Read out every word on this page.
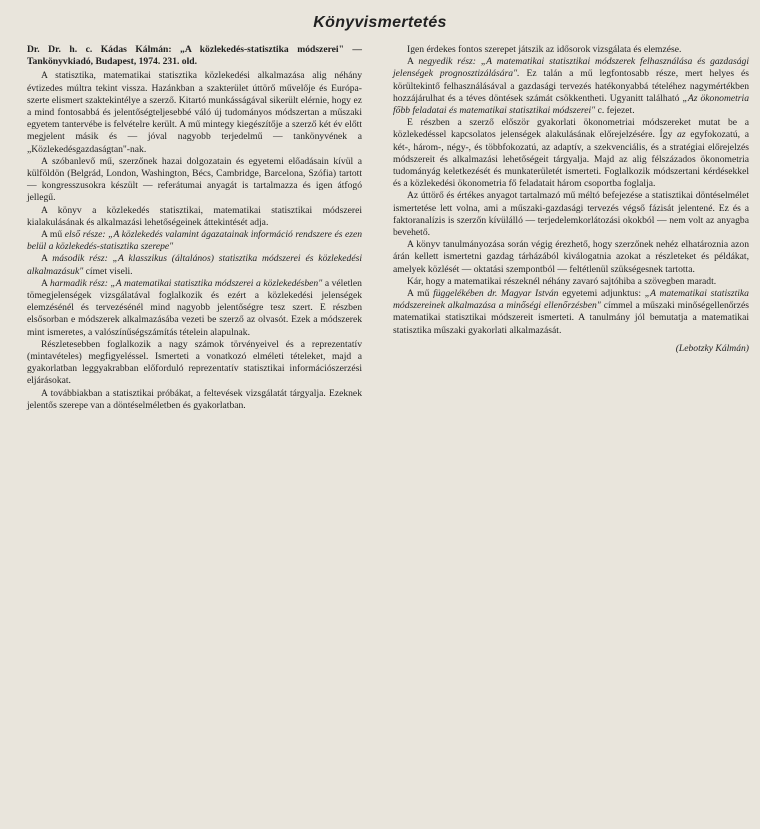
Könyvismertetés

Dr. Dr. h. c. Kádas Kálmán: „A közlekedés-statisztika módszerei" — Tankönyvkiadó, Budapest, 1974. 231. old.

A statisztika, matematikai statisztika közlekedési alkalmazása alig néhány évtizedes múltra tekint vissza. Hazánkban a szakterület úttörő művelője és Európa-szerte elismert szaktekintélye a szerző. Kitartó munkásságával sikerült elérnie, hogy ez a mind fontosabbá és jelentőségteljesebbé váló új tudományos módszertan a műszaki egyetem tantervébe is felvételre került. A mű mintegy kiegészítője a szerző két év előtt megjelent másik és — jóval nagyobb terjedelmű — tankönyvének a „Közlekedésgazdaságtan"-nak.

A szóbanlevő mű, szerzőnek hazai dolgozatain és egyetemi előadásain kívül a külföldön (Belgrád, London, Washington, Bécs, Cambridge, Barcelona, Szófia) tartott — kongresszusokra készült — referátumai anyagát is tartalmazza és igen átfogó jellegű.

A könyv a közlekedés statisztikai, matematikai statisztikai módszerei kialakulásának és alkalmazási lehetőségeinek áttekintését adja.

A mű első része: „A közlekedés valamint ágazatainak információ rendszere és ezen belül a közlekedés-statisztika szerepe"

A második rész: „A klasszikus (általános) statisztika módszerei és közlekedési alkalmazásuk" címet viseli.

A harmadik rész: „A matematikai statisztika módszerei a közlekedésben" a véletlen tömegjelenségek vizsgálatával foglalkozik és ezért a közlekedési jelenségek elemzésénél és tervezésénél mind nagyobb jelentőségre tesz szert. E részben elsősorban e módszerek alkalmazásába vezeti be szerző az olvasót. Ezek a módszerek mint ismeretes, a valószínűségszámítás tételein alapulnak.

Részletesebben foglalkozik a nagy számok törvényeivel és a reprezentatív (mintavételes) megfigyeléssel. Ismerteti a vonatkozó elméleti tételeket, majd a gyakorlatban leggyakrabban előforduló reprezentatív statisztikai információszerzési eljárásokat.

A továbbiakban a statisztikai próbákat, a feltevések vizsgálatát tárgyalja. Ezeknek jelentős szerepe van a döntéselméletben és gyakorlatban.

Igen érdekes fontos szerepet játszik az idősorok vizsgálata és elemzése.

A negyedik rész: „A matematikai statisztikai módszerek felhasználása és gazdasági jelenségek prognosztizálására". Ez talán a mű legfontosabb része, mert helyes és körültekintő felhasználásával a gazdasági tervezés hatékonyabbá tételéhez nagymértékben hozzájárulhat és a téves döntések számát csökkentheti. Ugyanitt található „Az ökonometria főbb feladatai és matematikai statisztikai módszerei" c. fejezet.

E részben a szerző először gyakorlati ökonometriai módszereket mutat be a közlekedéssel kapcsolatos jelenségek alakulásának előrejelzésére. Így az egyfokozatú, a két-, három-, négy-, és többfokozatú, az adaptív, a szekvenciális, és a stratégiai előrejelzés módszereit és alkalmazási lehetőségeit tárgyalja. Majd az alig félszázados ökonometria tudományág keletkezését és munkaterületét ismerteti. Foglalkozik módszertani kérdésekkel és a közlekedési ökonometria fő feladatait három csoportba foglalja.

Az úttörő és értékes anyagot tartalmazó mű méltó befejezése a statisztikai döntéselmélet ismertetése lett volna, ami a műszaki-gazdasági tervezés végső fázisát jelentené. Ez és a faktoranalízis is szerzőn kívülálló — terjedelemkorlátozási okokból — nem volt az anyagba bevehető.

A könyv tanulmányozása során végig érezhető, hogy szerzőnek nehéz elhatároznia azon árán kellett ismertetni gazdag tárházából kiválogatnia azokat a részleteket és példákat, amelyek közlését — oktatási szempontból — feltétlenül szükségesnek tartotta.

Kár, hogy a matematikai részeknél néhány zavaró sajtóhiba a szövegben maradt.

A mű függelékében dr. Magyar István egyetemi adjunktus: „A matematikai statisztika módszereinek alkalmazása a minőségi ellenőrzésben" címmel a műszaki minőségellenőrzés matematikai statisztikai módszereit ismerteti. A tanulmány jól bemutatja a matematikai statisztika műszaki gyakorlati alkalmazását.

(Lebotzky Kálmán)
